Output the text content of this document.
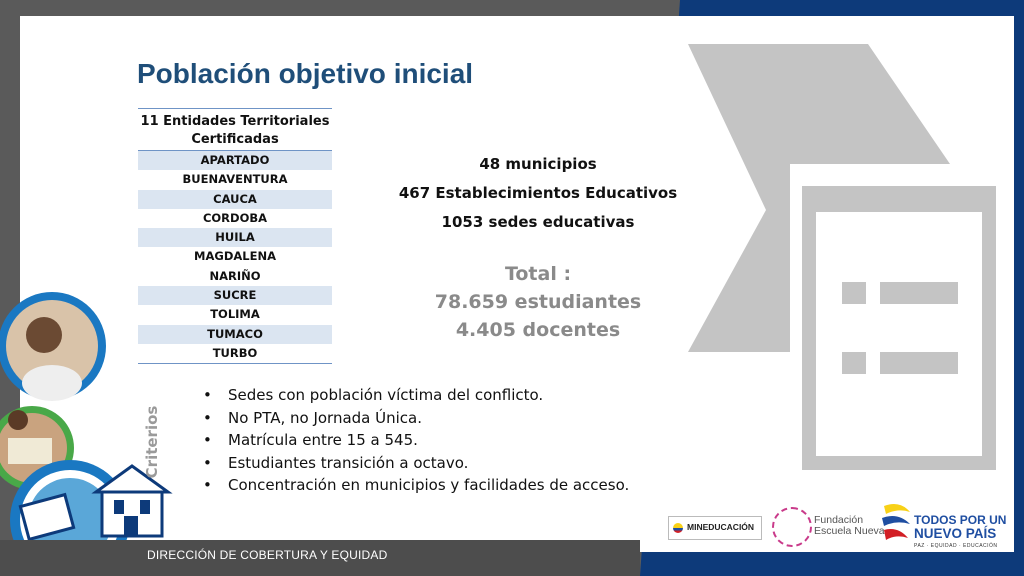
Población objetivo inicial
11 Entidades Territoriales Certificadas
APARTADO
BUENAVENTURA
CAUCA
CORDOBA
HUILA
MAGDALENA
NARIÑO
SUCRE
TOLIMA
TUMACO
TURBO
48 municipios
467 Establecimientos Educativos
1053 sedes educativas
Total :
78.659 estudiantes
4.405 docentes
Criterios
• Sedes con población víctima del conflicto.
• No PTA, no Jornada Única.
• Matrícula entre 15 a 545.
• Estudiantes transición a octavo.
• Concentración en municipios y facilidades de acceso.
DIRECCIÓN DE COBERTURA Y EQUIDAD
MINEDUCACIÓN
Fundación
Escuela Nueva
TODOS POR UN
NUEVO PAÍS
PAZ · EQUIDAD · EDUCACIÓN
